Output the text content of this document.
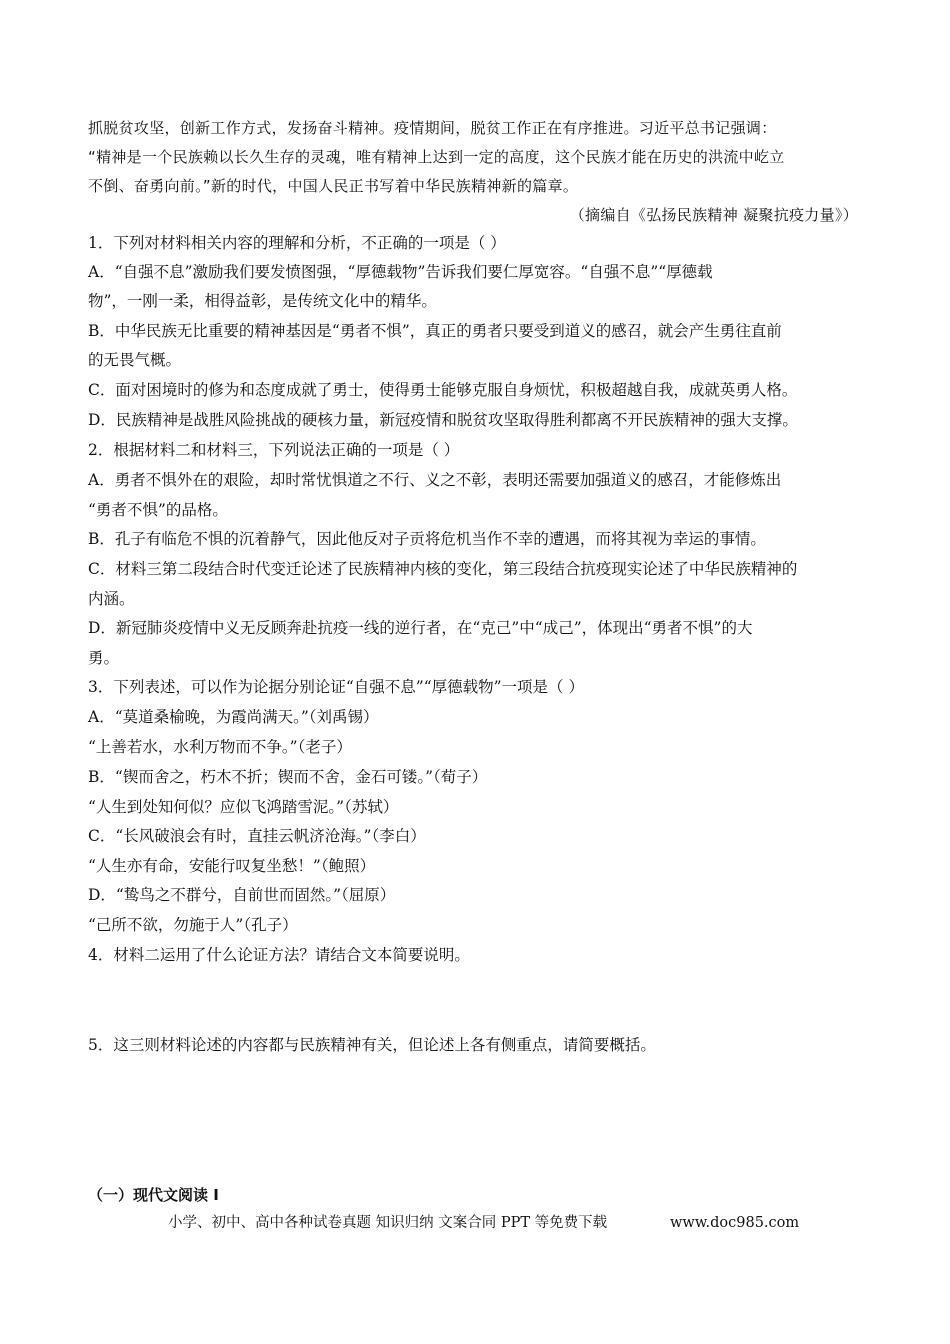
抓脱贫攻坚，创新工作方式，发扬奋斗精神。疫情期间，脱贫工作正在有序推进。习近平总书记强调：
“精神是一个民族赖以长久生存的灵魂，唯有精神上达到一定的高度，这个民族才能在历史的洪流中屹立
不倒、奋勇向前。”新的时代，中国人民正书写着中华民族精神新的篇章。
（摘编自《弘扬民族精神 凝聚抗疫力量》）
1．下列对材料相关内容的理解和分析，不正确的一项是（ ）
A．“自强不息”激励我们要发愤图强，“厚德载物”告诉我们要仁厚宽容。“自强不息”“厚德载
物”，一刚一柔，相得益彰，是传统文化中的精华。
B．中华民族无比重要的精神基因是“勇者不惧”，真正的勇者只要受到道义的感召，就会产生勇往直前
的无畏气概。
C．面对困境时的修为和态度成就了勇士，使得勇士能够克服自身烦忧，积极超越自我，成就英勇人格。
D．民族精神是战胜风险挑战的硬核力量，新冠疫情和脱贫攻坚取得胜利都离不开民族精神的强大支撑。
2．根据材料二和材料三，下列说法正确的一项是（ ）
A．勇者不惧外在的艰险，却时常忧惧道之不行、义之不彰，表明还需要加强道义的感召，才能修炼出
“勇者不惧”的品格。
B．孔子有临危不惧的沉着静气，因此他反对子贡将危机当作不幸的遭遇，而将其视为幸运的事情。
C．材料三第二段结合时代变迁论述了民族精神内核的变化，第三段结合抗疫现实论述了中华民族精神的
内涵。
D．新冠肺炎疫情中义无反顾奔赴抗疫一线的逆行者，在“克己”中“成己”，体现出“勇者不惧”的大
勇。
3．下列表述，可以作为论据分别论证“自强不息”“厚德载物”一项是（ ）
A．“莫道桑榆晚，为霞尚满天。”（刘禹锡）
“上善若水，水利万物而不争。”（老子）
B．“锲而舍之，朽木不折；锲而不舍，金石可镂。”（荀子）
“人生到处知何似？应似飞鸿踏雪泥。”（苏轼）
C．“长风破浪会有时，直挂云帆济沧海。”（李白）
“人生亦有命，安能行叹复坐愁！”（鲍照）
D．“鸷鸟之不群兮，自前世而固然。”（屈原）
“己所不欲，勿施于人”（孔子）
4．材料二运用了什么论证方法？请结合文本简要说明。
5．这三则材料论述的内容都与民族精神有关，但论述上各有侧重点，请简要概括。
（一）现代文阅读 I
小学、初中、高中各种试卷真题 知识归纳 文案合同 PPT 等免费下载	www.doc985.com
